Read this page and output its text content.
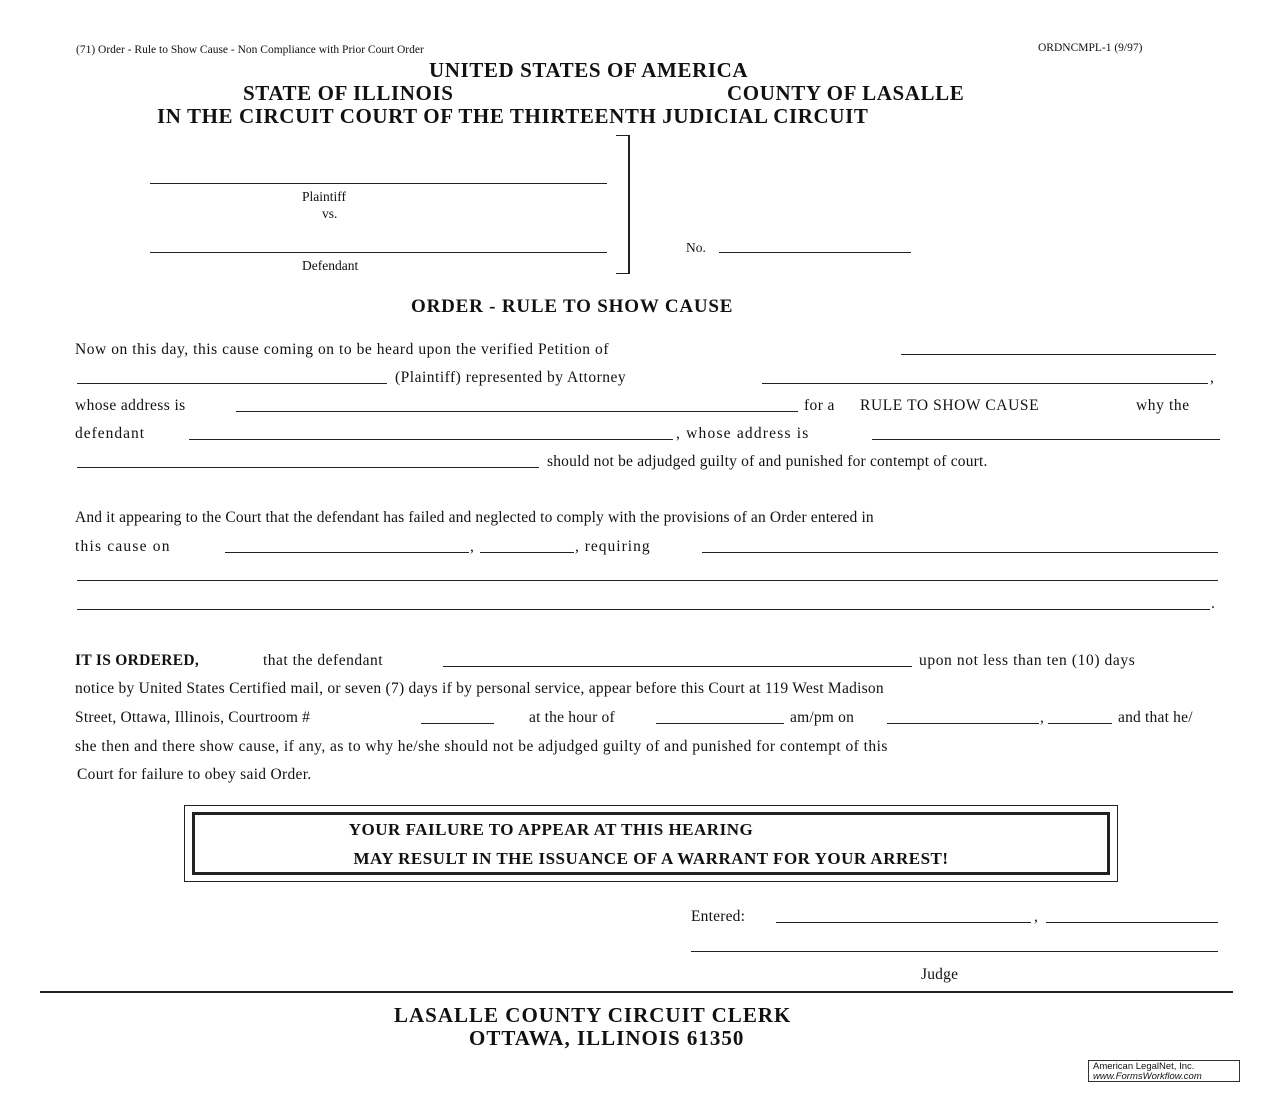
(71) Order - Rule to Show Cause - Non Compliance with Prior Court Order	ORDNCMPL-1 (9/97)
UNITED STATES OF AMERICA
STATE OF ILLINOIS	COUNTY OF LASALLE
IN THE CIRCUIT COURT OF THE THIRTEENTH JUDICIAL CIRCUIT
Plaintiff
vs.
Defendant
No.
ORDER - RULE TO SHOW CAUSE
Now on this day, this cause coming on to be heard upon the verified Petition of
(Plaintiff) represented by Attorney	,
whose address is	for a RULE TO SHOW CAUSE	why the
defendant	, whose address is
should not be adjudged guilty of and punished for contempt of court.
And it appearing to the Court that the defendant has failed and neglected to comply with the provisions of an Order entered in
this cause on	,	, requiring
.
IT IS ORDERED,	that the defendant	upon not less than ten (10) days
notice by United States Certified mail, or seven (7) days if by personal service, appear before this Court at 119 West Madison
Street, Ottawa, Illinois, Courtroom #	at the hour of	am/pm on	,	and that he/
she then and there show cause, if any, as to why he/she should not be adjudged guilty of and punished for contempt of this
Court for failure to obey said Order.
YOUR FAILURE TO APPEAR AT THIS HEARING
MAY RESULT IN THE ISSUANCE OF A WARRANT FOR YOUR ARREST!
Entered:	,
Judge
LASALLE COUNTY CIRCUIT CLERK
OTTAWA, ILLINOIS 61350
American LegalNet, Inc.
www.FormsWorkflow.com
